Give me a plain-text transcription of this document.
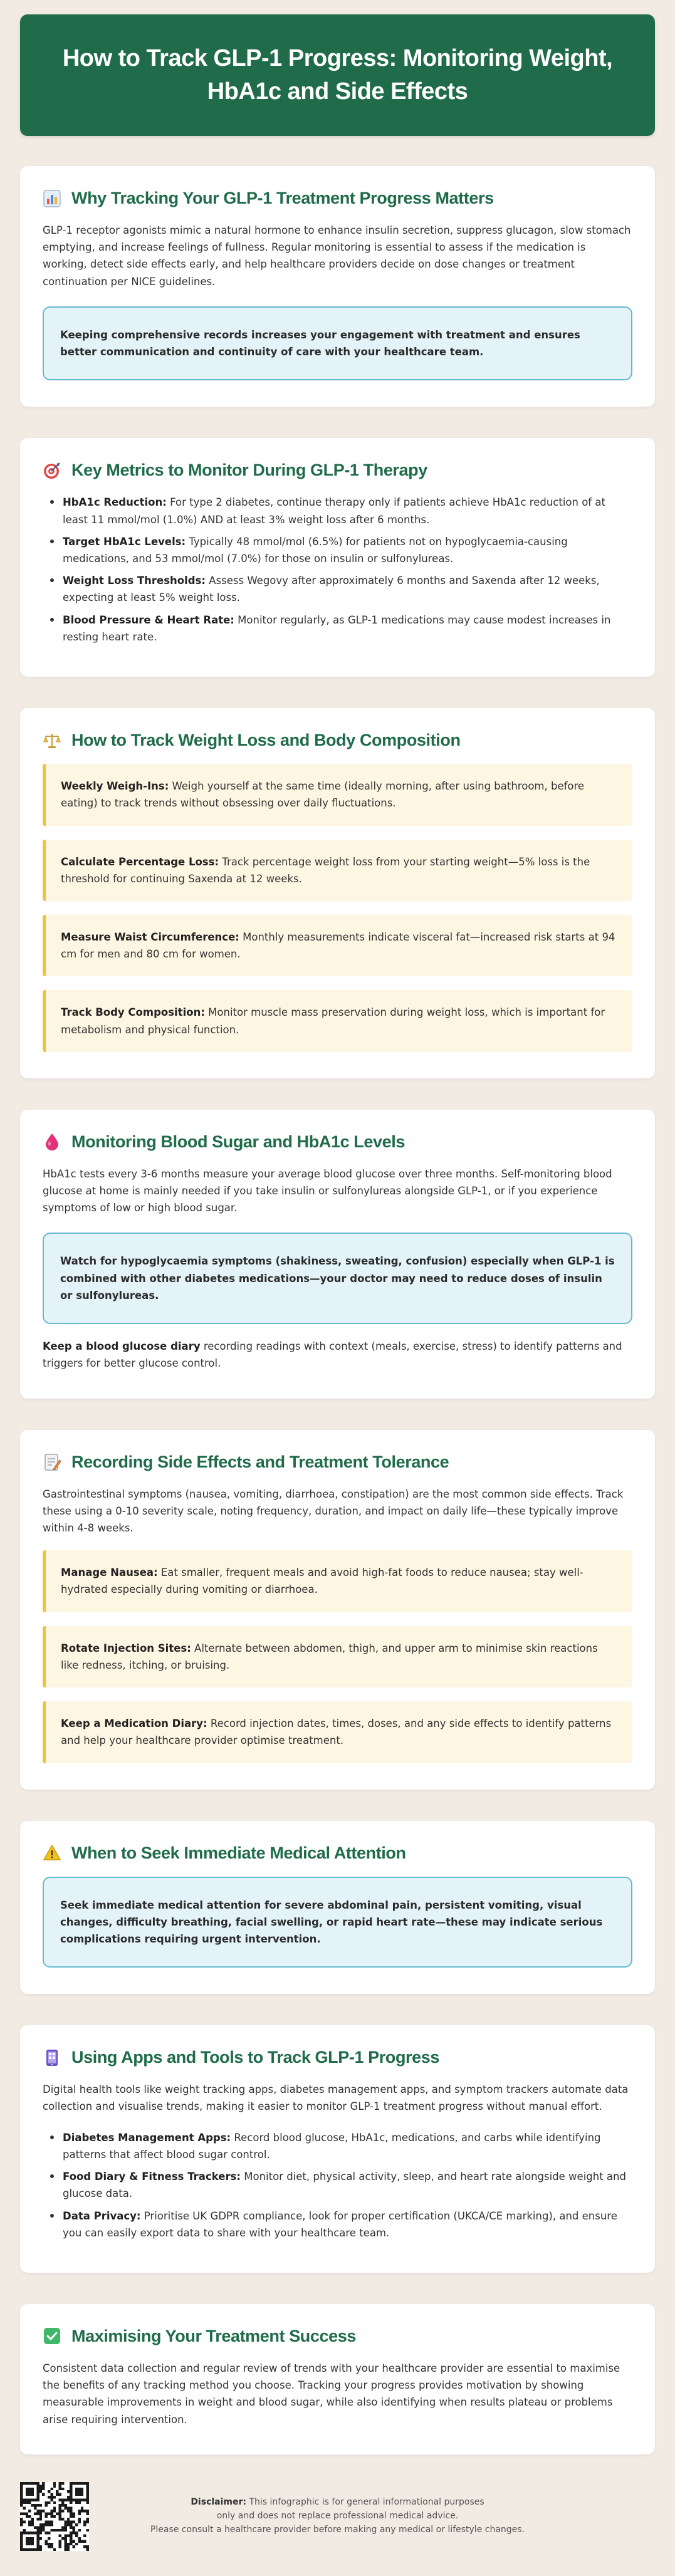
How to Track GLP-1 Progress: Monitoring Weight, HbA1c and Side Effects
Why Tracking Your GLP-1 Treatment Progress Matters

GLP-1 receptor agonists mimic a natural hormone to enhance insulin secretion, suppress glucagon, slow stomach emptying, and increase feelings of fullness. Regular monitoring is essential to assess if the medication is working, detect side effects early, and help healthcare providers decide on dose changes or treatment continuation per NICE guidelines.

Keeping comprehensive records increases your engagement with treatment and ensures better communication and continuity of care with your healthcare team.
Key Metrics to Monitor During GLP-1 Therapy
HbA1c Reduction: For type 2 diabetes, continue therapy only if patients achieve HbA1c reduction of at least 11 mmol/mol (1.0%) AND at least 3% weight loss after 6 months.
Target HbA1c Levels: Typically 48 mmol/mol (6.5%) for patients not on hypoglycaemia-causing medications, and 53 mmol/mol (7.0%) for those on insulin or sulfonylureas.
Weight Loss Thresholds: Assess Wegovy after approximately 6 months and Saxenda after 12 weeks, expecting at least 5% weight loss.
Blood Pressure & Heart Rate: Monitor regularly, as GLP-1 medications may cause modest increases in resting heart rate.
How to Track Weight Loss and Body Composition
Weekly Weigh-Ins: Weigh yourself at the same time (ideally morning, after using bathroom, before eating) to track trends without obsessing over daily fluctuations.
Calculate Percentage Loss: Track percentage weight loss from your starting weight—5% loss is the threshold for continuing Saxenda at 12 weeks.
Measure Waist Circumference: Monthly measurements indicate visceral fat—increased risk starts at 94 cm for men and 80 cm for women.
Track Body Composition: Monitor muscle mass preservation during weight loss, which is important for metabolism and physical function.
Monitoring Blood Sugar and HbA1c Levels

HbA1c tests every 3-6 months measure your average blood glucose over three months. Self-monitoring blood glucose at home is mainly needed if you take insulin or sulfonylureas alongside GLP-1, or if you experience symptoms of low or high blood sugar.

Watch for hypoglycaemia symptoms (shakiness, sweating, confusion) especially when GLP-1 is combined with other diabetes medications—your doctor may need to reduce doses of insulin or sulfonylureas.

Keep a blood glucose diary recording readings with context (meals, exercise, stress) to identify patterns and triggers for better glucose control.

Recording Side Effects and Treatment Tolerance

Gastrointestinal symptoms (nausea, vomiting, diarrhoea, constipation) are the most common side effects. Track these using a 0-10 severity scale, noting frequency, duration, and impact on daily life—these typically improve within 4-8 weeks.

Manage Nausea: Eat smaller, frequent meals and avoid high-fat foods to reduce nausea; stay well-hydrated especially during vomiting or diarrhoea.
Rotate Injection Sites: Alternate between abdomen, thigh, and upper arm to minimise skin reactions like redness, itching, or bruising.
Keep a Medication Diary: Record injection dates, times, doses, and any side effects to identify patterns and help your healthcare provider optimise treatment.
When to Seek Immediate Medical Attention
Seek immediate medical attention for severe abdominal pain, persistent vomiting, visual changes, difficulty breathing, facial swelling, or rapid heart rate—these may indicate serious complications requiring urgent intervention.
Using Apps and Tools to Track GLP-1 Progress

Digital health tools like weight tracking apps, diabetes management apps, and symptom trackers automate data collection and visualise trends, making it easier to monitor GLP-1 treatment progress without manual effort.

Diabetes Management Apps: Record blood glucose, HbA1c, medications, and carbs while identifying patterns that affect blood sugar control.
Food Diary & Fitness Trackers: Monitor diet, physical activity, sleep, and heart rate alongside weight and glucose data.
Data Privacy: Prioritise UK GDPR compliance, look for proper certification (UKCA/CE marking), and ensure you can easily export data to share with your healthcare team.
Maximising Your Treatment Success

Consistent data collection and regular review of trends with your healthcare provider are essential to maximise the benefits of any tracking method you choose. Tracking your progress provides motivation by showing measurable improvements in weight and blood sugar, while also identifying when results plateau or problems arise requiring intervention.

Disclaimer: This infographic is for general informational purposes
only and does not replace professional medical advice.
Please consult a healthcare provider before making any medical or lifestyle changes.
